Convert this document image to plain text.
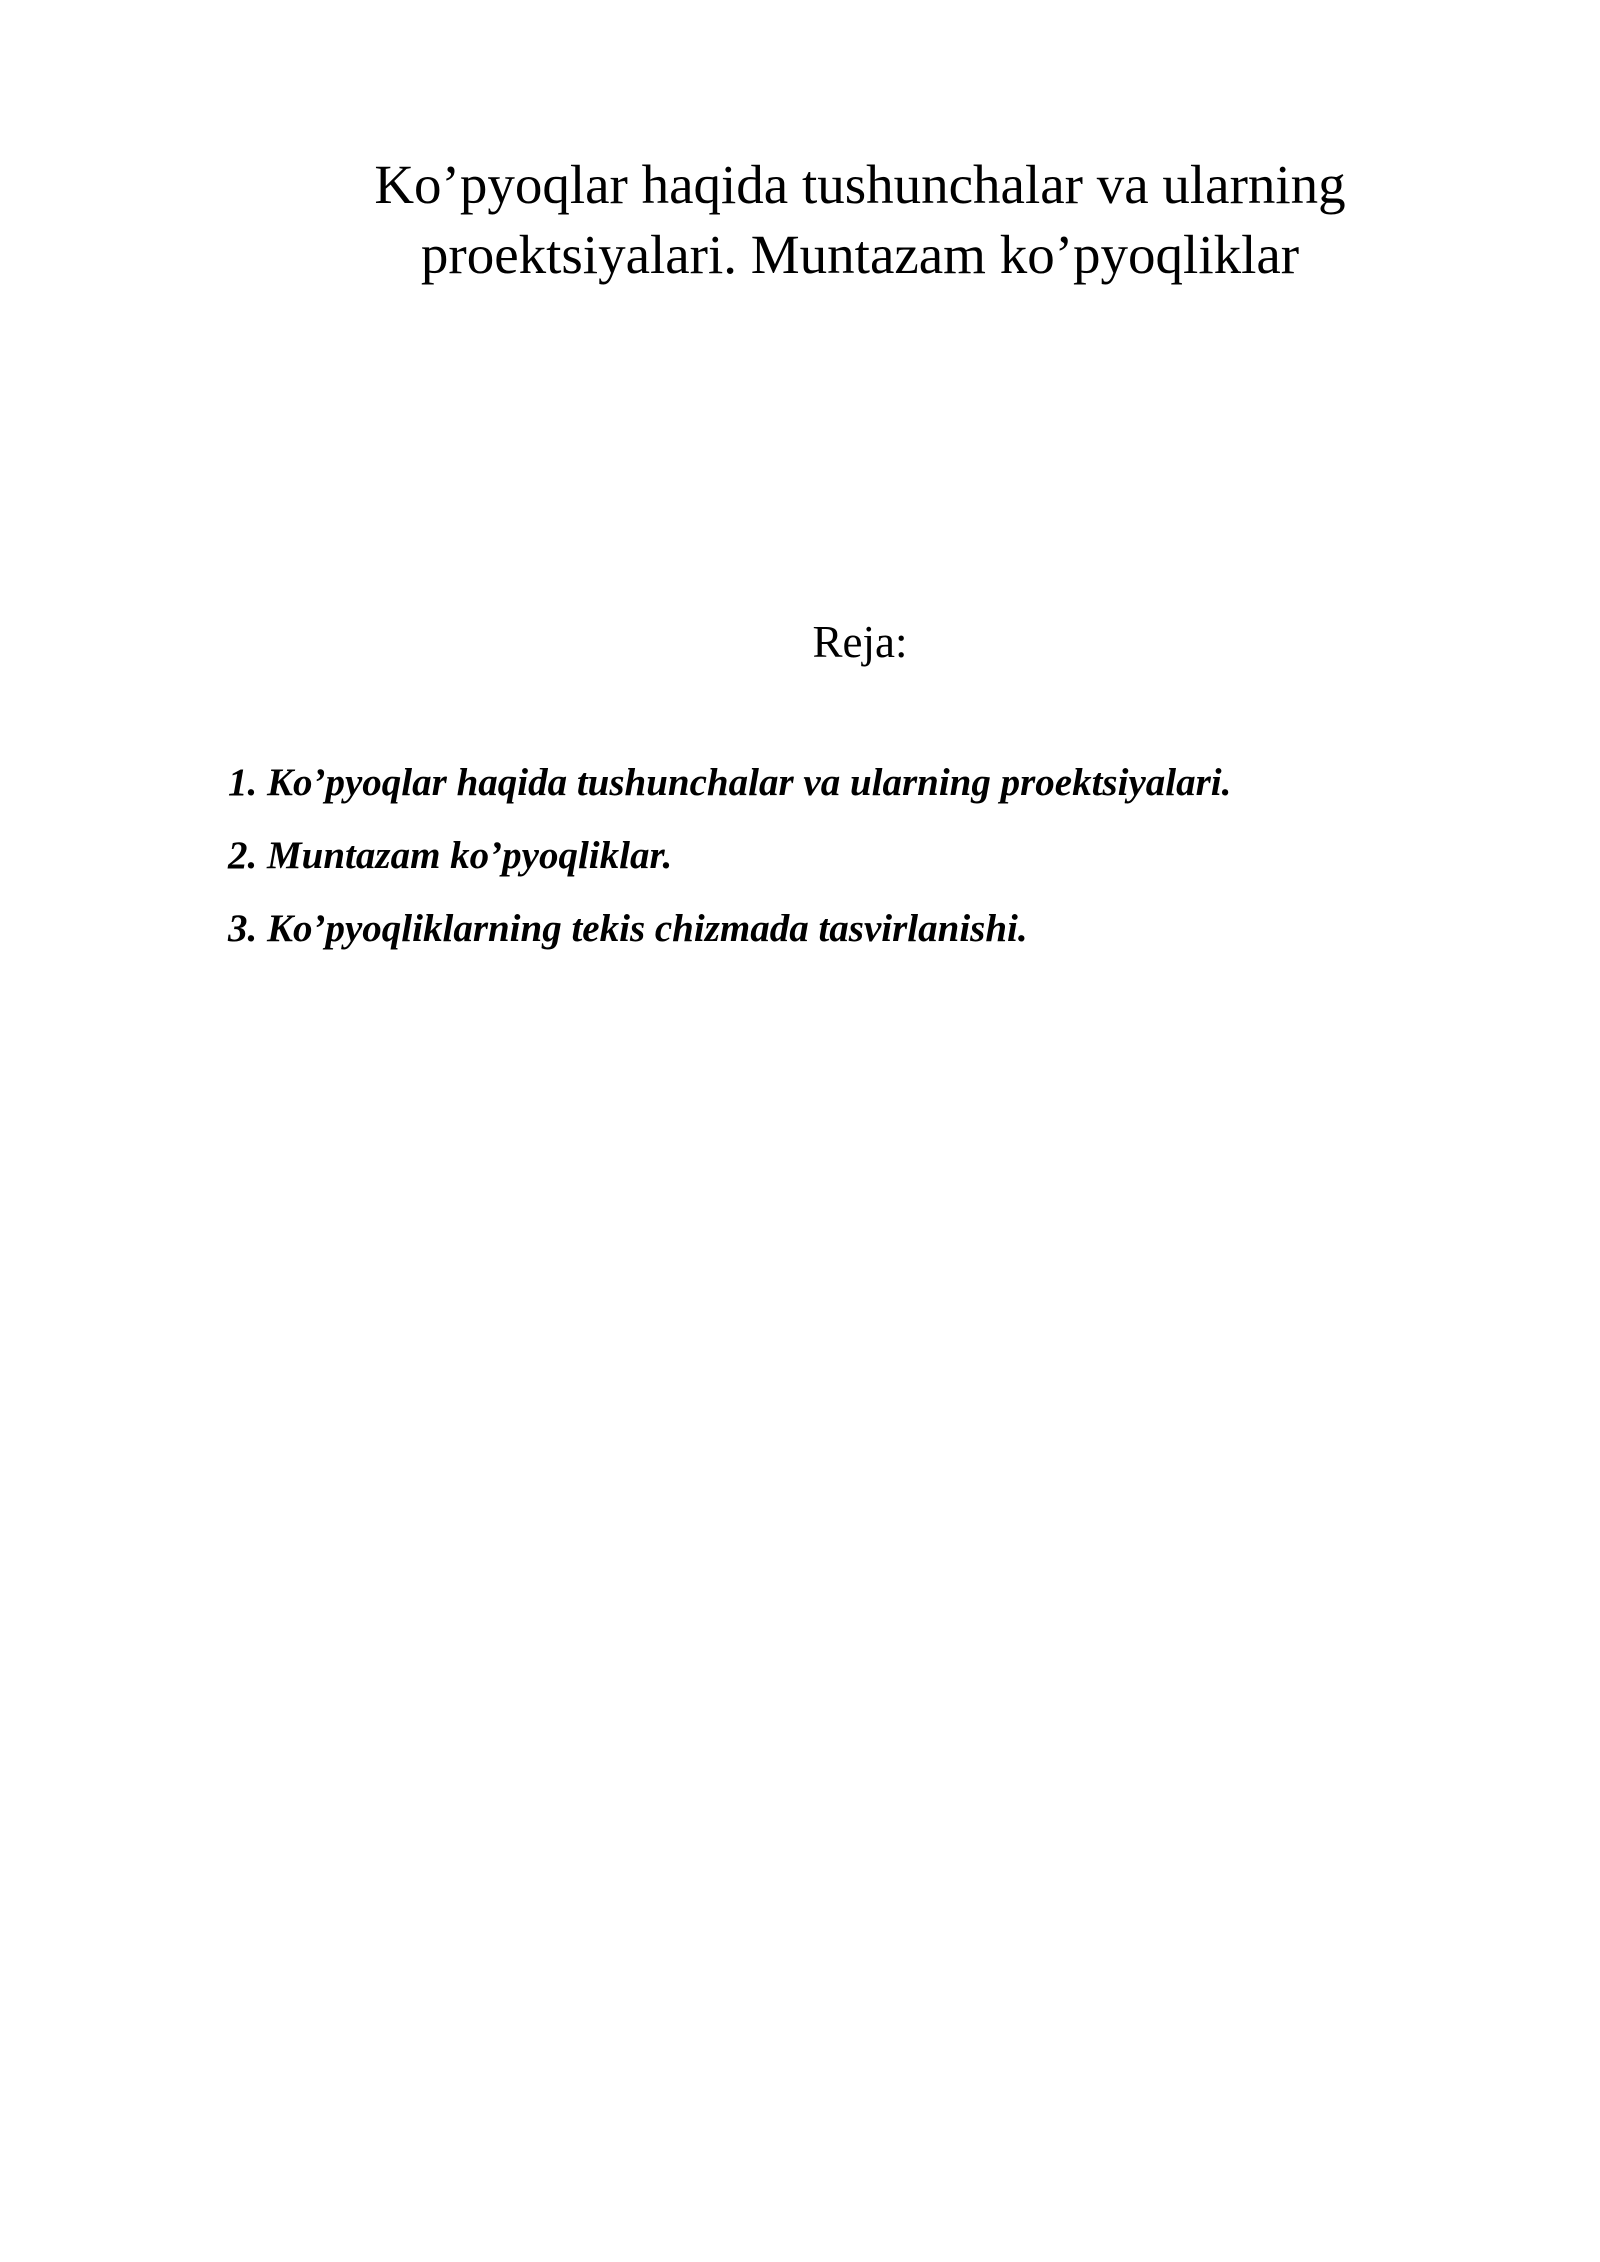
Ko’pyoqlar haqida tushunchalar va ularning
proektsiyalari. Muntazam ko’pyoqliklar
Reja:
1. Ko’pyoqlar haqida tushunchalar va ularning proektsiyalari.
2. Muntazam ko’pyoqliklar.
3. Ko’pyoqliklarning tekis chizmada tasvirlanishi.
